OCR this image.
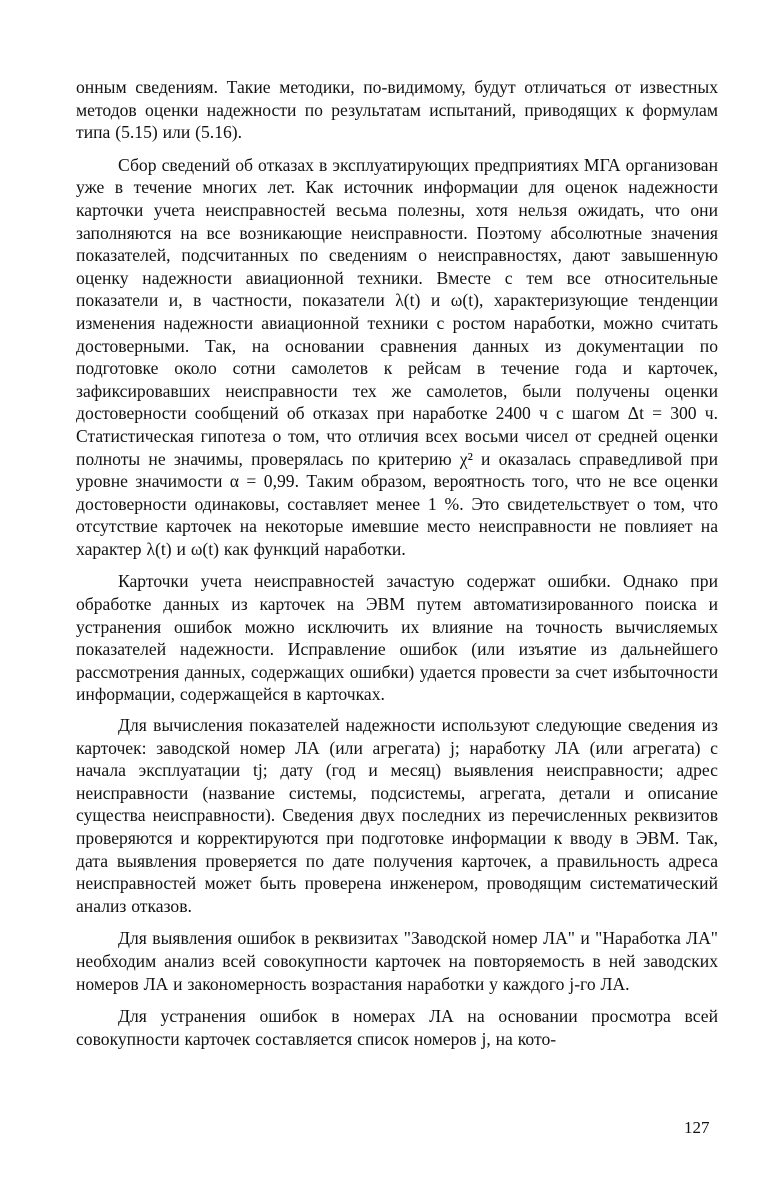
онным сведениям. Такие методики, по-видимому, будут отличаться от известных методов оценки надежности по результатам испытаний, приводящих к формулам типа (5.15) или (5.16).

Сбор сведений об отказах в эксплуатирующих предприятиях МГА организован уже в течение многих лет. Как источник информации для оценок надежности карточки учета неисправностей весьма полезны, хотя нельзя ожидать, что они заполняются на все возникающие неисправности. Поэтому абсолютные значения показателей, подсчитанных по сведениям о неисправностях, дают завышенную оценку надежности авиационной техники. Вместе с тем все относительные показатели и, в частности, показатели λ(t) и ω(t), характеризующие тенденции изменения надежности авиационной техники с ростом наработки, можно считать достоверными. Так, на основании сравнения данных из документации по подготовке около сотни самолетов к рейсам в течение года и карточек, зафиксировавших неисправности тех же самолетов, были получены оценки достоверности сообщений об отказах при наработке 2400 ч с шагом Δt = 300 ч. Статистическая гипотеза о том, что отличия всех восьми чисел от средней оценки полноты не значимы, проверялась по критерию χ² и оказалась справедливой при уровне значимости α = 0,99. Таким образом, вероятность того, что не все оценки достоверности одинаковы, составляет менее 1 %. Это свидетельствует о том, что отсутствие карточек на некоторые имевшие место неисправности не повлияет на характер λ(t) и ω(t) как функций наработки.

Карточки учета неисправностей зачастую содержат ошибки. Однако при обработке данных из карточек на ЭВМ путем автоматизированного поиска и устранения ошибок можно исключить их влияние на точность вычисляемых показателей надежности. Исправление ошибок (или изъятие из дальнейшего рассмотрения данных, содержащих ошибки) удается провести за счет избыточности информации, содержащейся в карточках.

Для вычисления показателей надежности используют следующие сведения из карточек: заводской номер ЛА (или агрегата) j; наработку ЛА (или агрегата) с начала эксплуатации tj; дату (год и месяц) выявления неисправности; адрес неисправности (название системы, подсистемы, агрегата, детали и описание существа неисправности). Сведения двух последних из перечисленных реквизитов проверяются и корректируются при подготовке информации к вводу в ЭВМ. Так, дата выявления проверяется по дате получения карточек, а правильность адреса неисправностей может быть проверена инженером, проводящим систематический анализ отказов.

Для выявления ошибок в реквизитах "Заводской номер ЛА" и "Наработка ЛА" необходим анализ всей совокупности карточек на повторяемость в ней заводских номеров ЛА и закономерность возрастания наработки у каждого j-го ЛА.

Для устранения ошибок в номерах ЛА на основании просмотра всей совокупности карточек составляется список номеров j, на кото-

127
